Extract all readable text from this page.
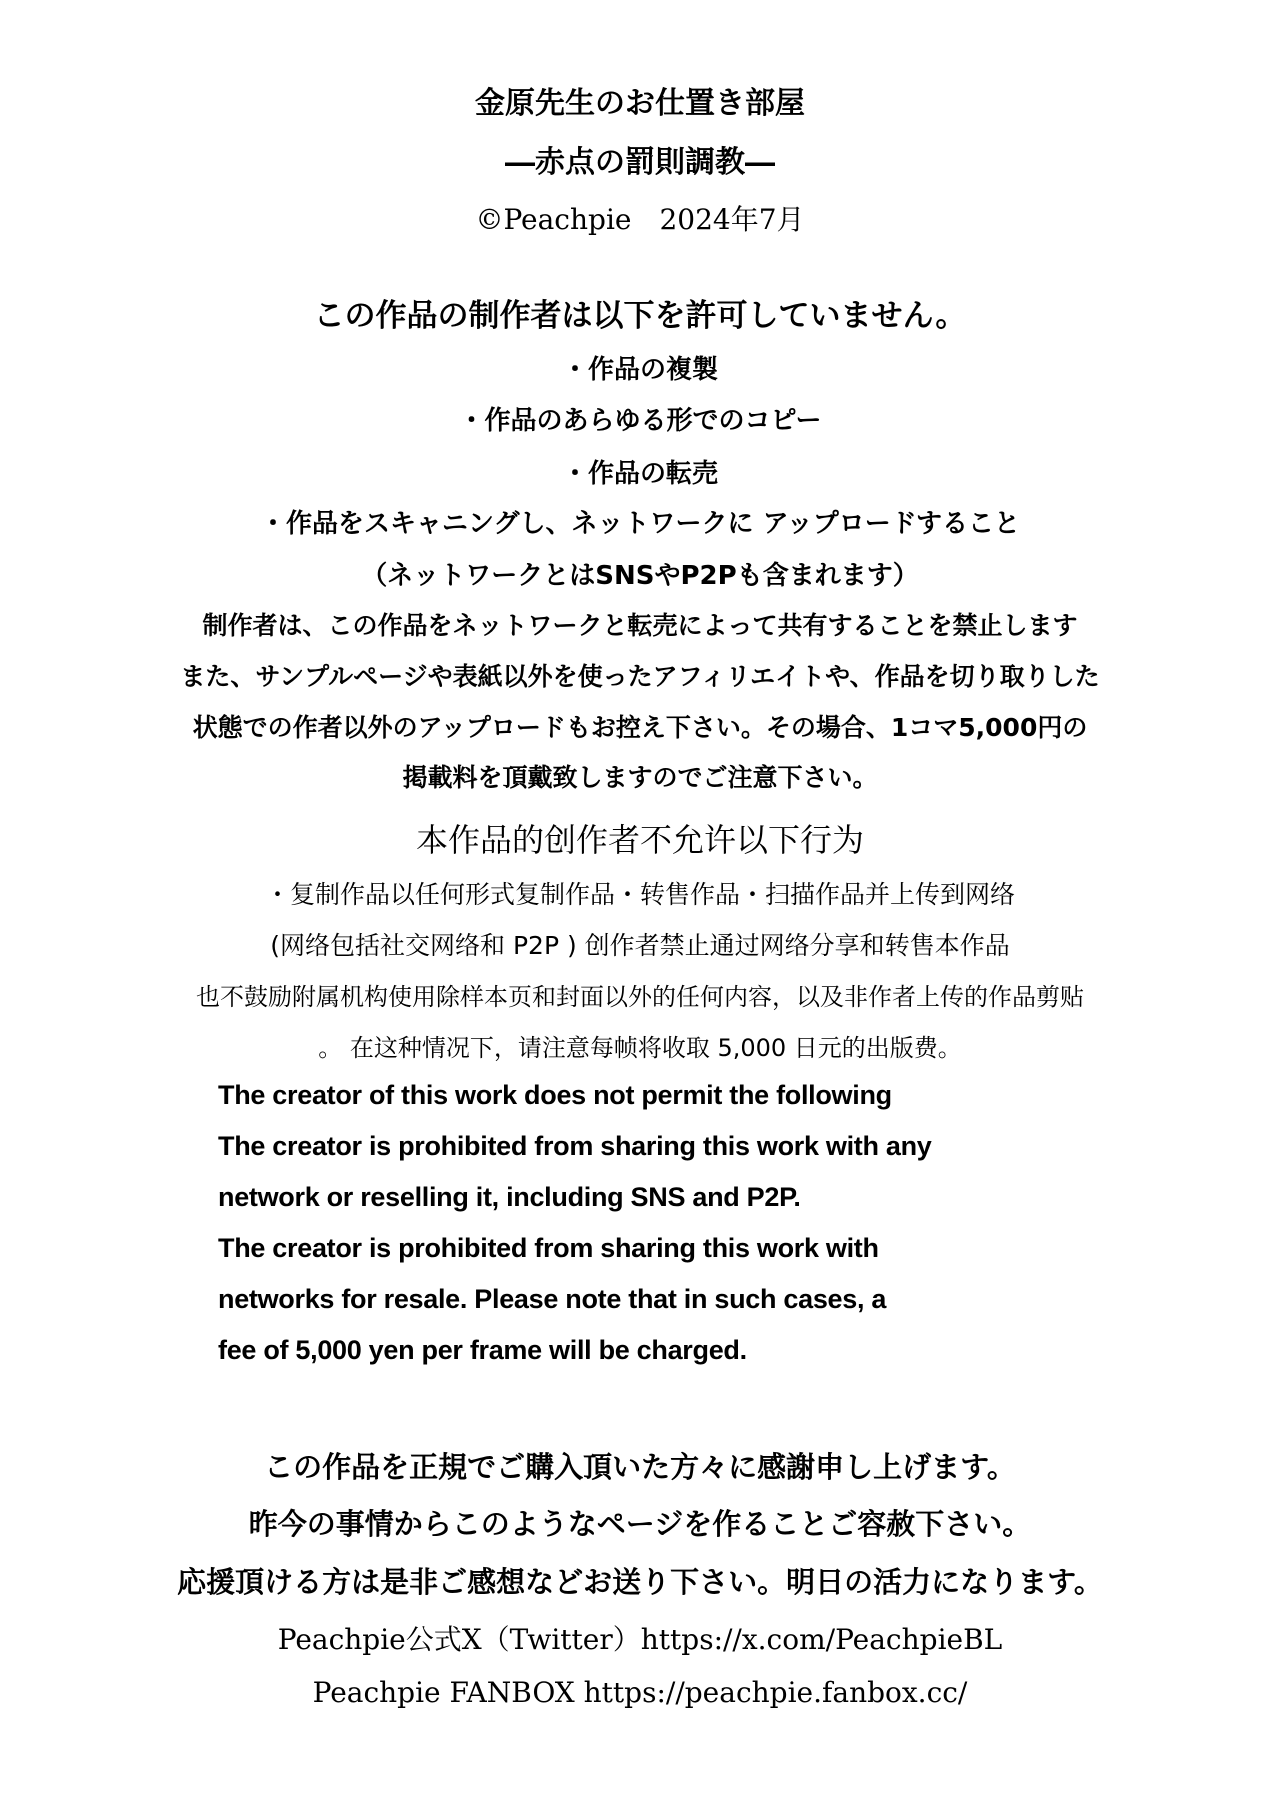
金原先生のお仕置き部屋
―赤点の罰則調教―
©Peachpie　2024年7月
この作品の制作者は以下を許可していません。
・作品の複製
・作品のあらゆる形でのコピー
・作品の転売
・作品をスキャニングし、ネットワークに アップロードすること
（ネットワークとはSNSやP2Pも含まれます）
制作者は、この作品をネットワークと転売によって共有することを禁止します
また、サンプルページや表紙以外を使ったアフィリエイトや、作品を切り取りした
状態での作者以外のアップロードもお控え下さい。その場合、1コマ5,000円の
掲載料を頂戴致しますのでご注意下さい。
本作品的创作者不允许以下行为
・复制作品以任何形式复制作品・转售作品・扫描作品并上传到网络
(网络包括社交网络和 P2P ) 创作者禁止通过网络分享和转售本作品
也不鼓励附属机构使用除样本页和封面以外的任何内容，以及非作者上传的作品剪贴
。 在这种情况下，请注意每帧将收取 5,000 日元的出版费。
The creator of this work does not permit the following
The creator is prohibited from sharing this work with any
network or reselling it, including SNS and P2P.
The creator is prohibited from sharing this work with
networks for resale. Please note that in such cases, a
fee of 5,000 yen per frame will be charged.
この作品を正規でご購入頂いた方々に感謝申し上げます。
昨今の事情からこのようなページを作ることご容赦下さい。
応援頂ける方は是非ご感想などお送り下さい。明日の活力になります。
Peachpie公式X（Twitter）https://x.com/PeachpieBL
Peachpie FANBOX https://peachpie.fanbox.cc/
